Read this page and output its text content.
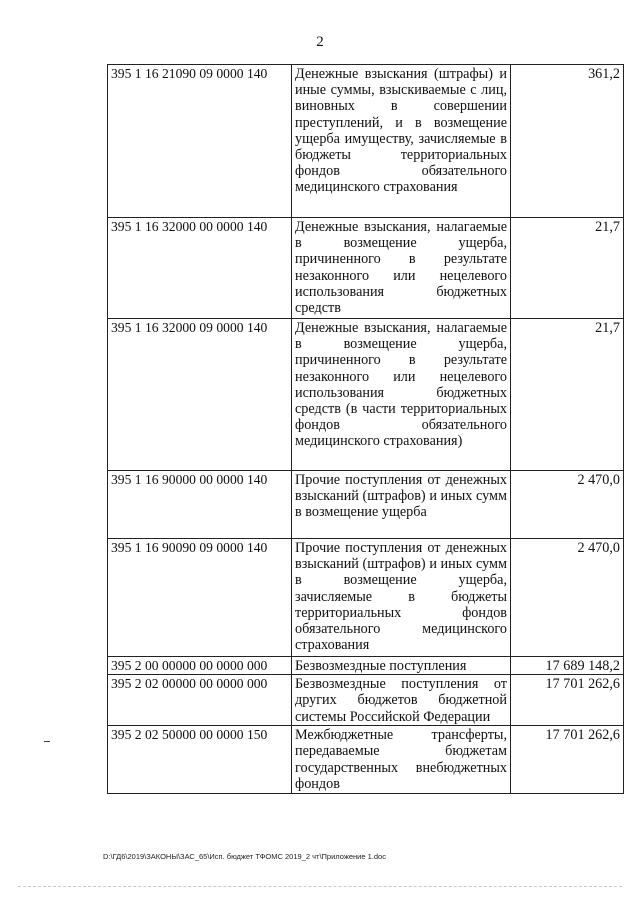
2
395 1 16 21090 09 0000 140	Денежные взыскания (штрафы) и иные суммы, взыскиваемые с лиц, виновных в совершении преступлений, и в возмещение ущерба имуществу, зачисляемые в бюджеты территориальных фондов обязательного медицинского страхования	361,2
395 1 16 32000 00 0000 140	Денежные взыскания, налагаемые в возмещение ущерба, причиненного в результате незаконного или нецелевого использования бюджетных средств	21,7
395 1 16 32000 09 0000 140	Денежные взыскания, налагаемые в возмещение ущерба, причиненного в результате незаконного или нецелевого использования бюджетных средств (в части территориальных фондов обязательного медицинского страхования)	21,7
395 1 16 90000 00 0000 140	Прочие поступления от денежных взысканий (штрафов) и иных сумм в возмещение ущерба	2 470,0
395 1 16 90090 09 0000 140	Прочие поступления от денежных взысканий (штрафов) и иных сумм в возмещение ущерба, зачисляемые в бюджеты территориальных фондов обязательного медицинского страхования	2 470,0
395 2 00 00000 00 0000 000	Безвозмездные поступления	17 689 148,2
395 2 02 00000 00 0000 000	Безвозмездные поступления от других бюджетов бюджетной системы Российской Федерации	17 701 262,6
395 2 02 50000 00 0000 150	Межбюджетные трансферты, передаваемые бюджетам государственных внебюджетных фондов	17 701 262,6
D:\ГД6\2019\ЗАКОНЫ\ЗАС_65\Исп. бюджет ТФОМС 2019_2 чт\Приложение 1.doc
